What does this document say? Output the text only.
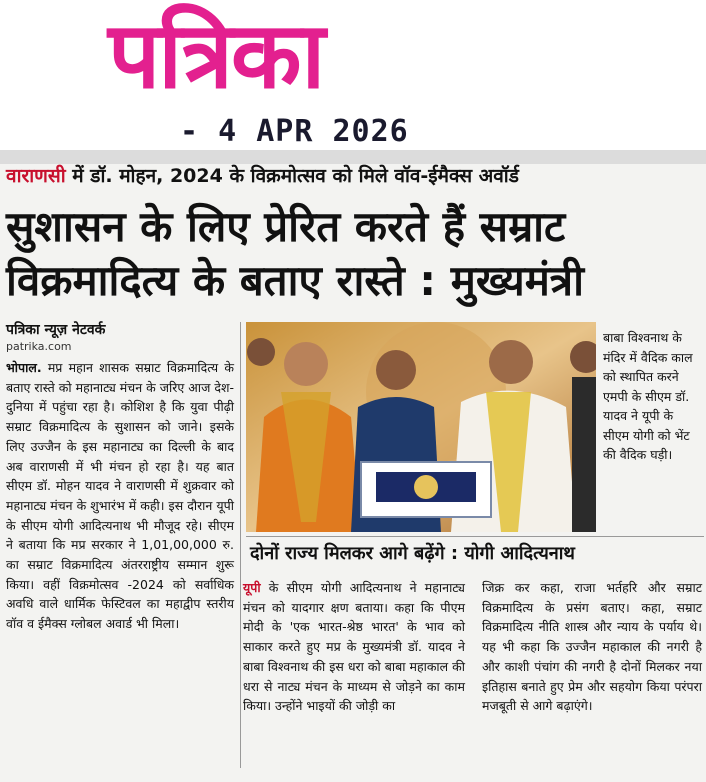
पत्रिका
- 4 APR 2026
वाराणसी में डॉ. मोहन, 2024 के विक्रमोत्सव को मिले वॉव-ईमैक्स अवॉर्ड
सुशासन के लिए प्रेरित करते हैं सम्राट विक्रमादित्य के बताए रास्ते : मुख्यमंत्री
पत्रिका न्यूज़ नेटवर्क
patrika.com
भोपाल. मप्र महान शासक सम्राट विक्रमादित्य के बताए रास्ते को महानाट्य मंचन के जरिए आज देश-दुनिया में पहुंचा रहा है। कोशिश है कि युवा पीढ़ी सम्राट विक्रमादित्य के सुशासन को जाने। इसके लिए उज्जैन के इस महानाट्य का दिल्ली के बाद अब वाराणसी में भी मंचन हो रहा है। यह बात सीएम डॉ. मोहन यादव ने वाराणसी में शुक्रवार को महानाट्य मंचन के शुभारंभ में कही। इस दौरान यूपी के सीएम योगी आदित्यनाथ भी मौजूद रहे। सीएम ने बताया कि मप्र सरकार ने 1,01,00,000 रु. का सम्राट विक्रमादित्य अंतरराष्ट्रीय सम्मान शुरू किया। वहीं विक्रमोत्सव -2024 को सर्वाधिक अवधि वाले धार्मिक फेस्टिवल का महाद्वीप स्तरीय वॉव व ईमैक्स ग्लोबल अवार्ड भी मिला।
बाबा विश्वनाथ के मंदिर में वैदिक काल को स्थापित करने एमपी के सीएम डॉ. यादव ने यूपी के सीएम योगी को भेंट की वैदिक घड़ी।
दोनों राज्य मिलकर आगे बढ़ेंगे : योगी आदित्यनाथ
यूपी के सीएम योगी आदित्यनाथ ने महानाट्य मंचन को यादगार क्षण बताया। कहा कि पीएम मोदी के 'एक भारत-श्रेष्ठ भारत' के भाव को साकार करते हुए मप्र के मुख्यमंत्री डॉ. यादव ने बाबा विश्वनाथ की इस धरा को बाबा महाकाल की धरा से नाट्य मंचन के माध्यम से जोड़ने का काम किया। उन्होंने भाइयों की जोड़ी का
जिक्र कर कहा, राजा भर्तहरि और सम्राट विक्रमादित्य के प्रसंग बताए। कहा, सम्राट विक्रमादित्य नीति शास्त्र और न्याय के पर्याय थे। यह भी कहा कि उज्जैन महाकाल की नगरी है और काशी पंचांग की नगरी है दोनों मिलकर नया इतिहास बनाते हुए प्रेम और सहयोग किया परंपरा मजबूती से आगे बढ़ाएंगे।
